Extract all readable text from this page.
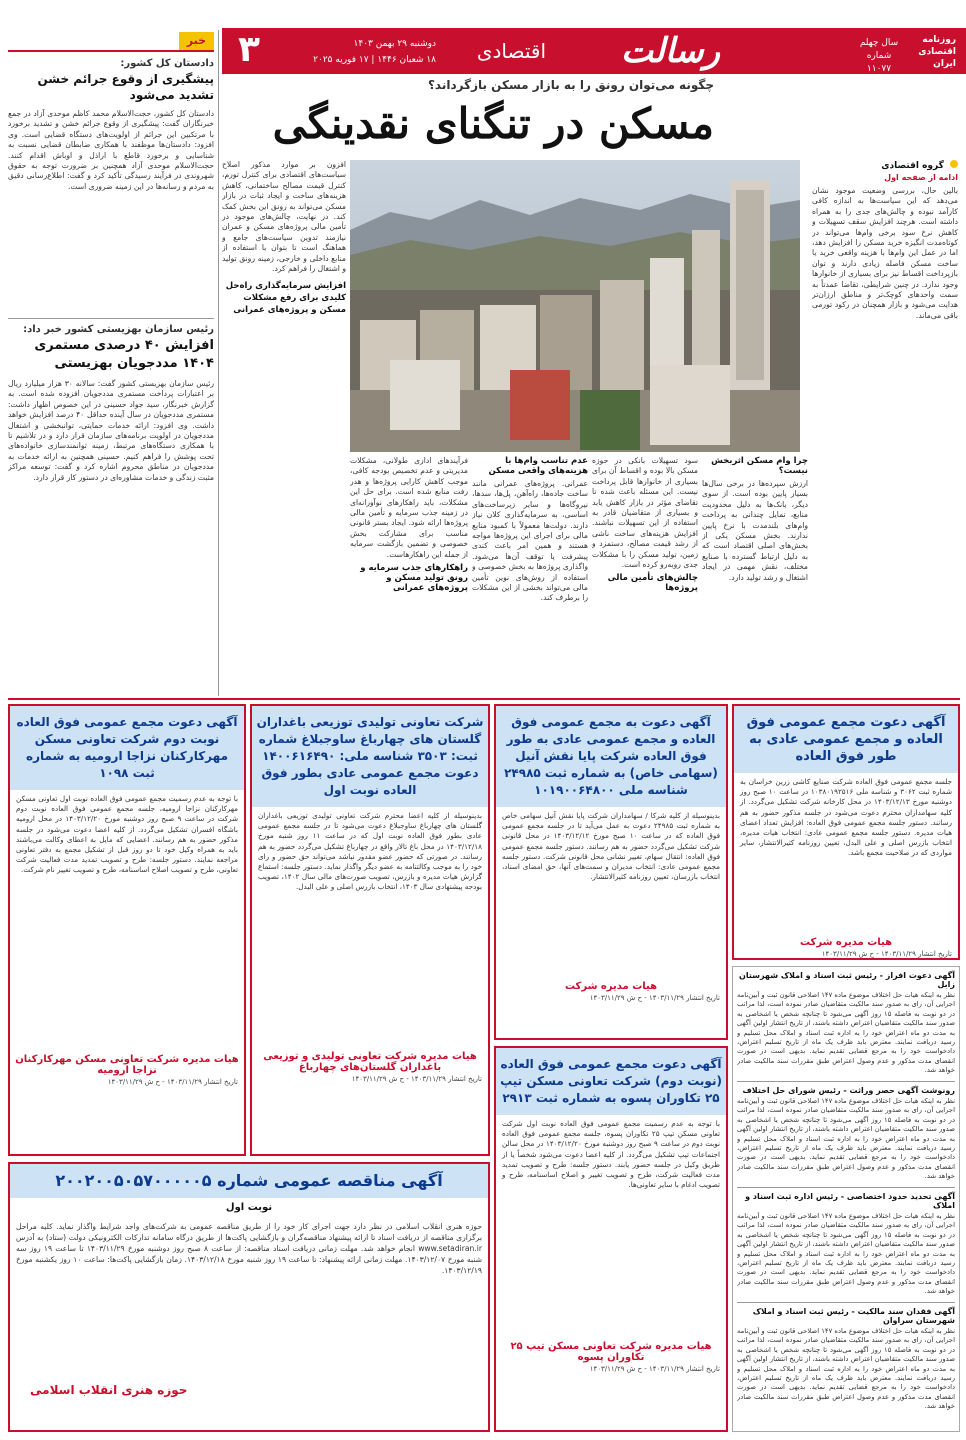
روزنامه اقتصادی ایران
سال چهلم
شماره ۱۱۰۷۷
رسالت
اقتصادی
دوشنبه ۲۹ بهمن ۱۴۰۳
۱۸ شعبان ۱۴۴۶ | ۱۷ فوریه ۲۰۲۵
۳
خبر
دادستان کل کشور:
پیشگیری از وقوع جرائم خشن تشدید می‌شود
دادستان کل کشور، حجت‌الاسلام محمد کاظم موحدی آزاد در جمع خبرنگاران گفت: پیشگیری از وقوع جرائم خشن و تشدید برخورد با مرتکبین این جرائم از اولویت‌های دستگاه قضایی است. وی افزود: دادستان‌ها موظفند با همکاری ضابطان قضایی نسبت به شناسایی و برخورد قاطع با اراذل و اوباش اقدام کنند. حجت‌الاسلام موحدی آزاد همچنین بر ضرورت توجه به حقوق شهروندی در فرآیند رسیدگی تأکید کرد و گفت: اطلاع‌رسانی دقیق به مردم و رسانه‌ها در این زمینه ضروری است.
رئیس سازمان بهزیستی کشور خبر داد:
افزایش ۴۰ درصدی مستمری ۱۴۰۴ مددجویان بهزیستی
رئیس سازمان بهزیستی کشور گفت: سالانه ۳۰ هزار میلیارد ریال بر اعتبارات پرداخت مستمری مددجویان افزوده شده است. به گزارش خبرنگار، سید جواد حسینی در این خصوص اظهار داشت: مستمری مددجویان در سال آینده حداقل ۴۰ درصد افزایش خواهد داشت. وی افزود: ارائه خدمات حمایتی، توانبخشی و اشتغال مددجویان در اولویت برنامه‌های سازمان قرار دارد و در تلاشیم تا با همکاری دستگاه‌های مرتبط، زمینه توانمندسازی خانواده‌های تحت پوشش را فراهم کنیم. حسینی همچنین به ارائه خدمات به مددجویان در مناطق محروم اشاره کرد و گفت: توسعه مراکز مثبت زندگی و خدمات مشاوره‌ای در دستور کار قرار دارد.
چگونه می‌توان رونق را به بازار مسکن بازگرداند؟
مسکن در تنگنای نقدینگی
گروه اقتصادی
ادامه از صفحه اول
بالین حال، بررسی وضعیت موجود نشان می‌دهد که این سیاست‌ها به اندازه کافی کارآمد نبوده و چالش‌های جدی را به همراه داشته است. هرچند افزایش سقف تسهیلات و کاهش نرخ سود برخی وام‌ها می‌تواند در کوتاه‌مدت انگیزه خرید مسکن را افزایش دهد، اما در عمل این وام‌ها با هزینه واقعی خرید یا ساخت مسکن فاصله زیادی دارند و توان بازپرداخت اقساط نیز برای بسیاری از خانوارها وجود ندارد. در چنین شرایطی، تقاضا عمدتاً به سمت واحدهای کوچک‌تر و مناطق ارزان‌تر هدایت می‌شود و بازار همچنان در رکود تورمی باقی می‌ماند.
افزون بر موارد مذکور اصلاح سیاست‌های اقتصادی برای کنترل تورم، کنترل قیمت مصالح ساختمانی، کاهش هزینه‌های ساخت و ایجاد ثبات در بازار مسکن می‌تواند به رونق این بخش کمک کند. در نهایت، چالش‌های موجود در تأمین مالی پروژه‌های مسکن و عمران نیازمند تدوین سیاست‌های جامع و هماهنگ است تا بتوان با استفاده از منابع داخلی و خارجی، زمینه رونق تولید و اشتغال را فراهم کرد.
افزایش سرمایه‌گذاری راه‌حل کلیدی برای رفع مشکلات مسکن و پروژه‌های عمرانی
چرا وام مسکن اثربخش نیست؟
ارزش سپرده‌ها در برخی سال‌ها بسیار پایین بوده است. از سوی دیگر، بانک‌ها به دلیل محدودیت منابع، تمایل چندانی به پرداخت وام‌های بلندمدت با نرخ پایین ندارند. بخش مسکن یکی از بخش‌های اصلی اقتصاد است که به دلیل ارتباط گسترده با صنایع مختلف، نقش مهمی در ایجاد اشتغال و رشد تولید دارد.
سود تسهیلات بانکی در حوزه مسکن بالا بوده و اقساط آن برای بسیاری از خانوارها قابل پرداخت نیست. این مسئله باعث شده تا تقاضای مؤثر در بازار کاهش یابد و بسیاری از متقاضیان قادر به استفاده از این تسهیلات نباشند. افزایش هزینه‌های ساخت ناشی از رشد قیمت مصالح، دستمزد و زمین، تولید مسکن را با مشکلات جدی روبه‌رو کرده است.
چالش‌های تأمین مالی پروژه‌ها
عدم تناسب وام‌ها با هزینه‌های واقعی مسکن
عمرانی. پروژه‌های عمرانی مانند ساخت جاده‌ها، راه‌آهن، پل‌ها، سدها، نیروگاه‌ها و سایر زیرساخت‌های اساسی، به سرمایه‌گذاری کلان نیاز دارند. دولت‌ها معمولاً با کمبود منابع مالی برای اجرای این پروژه‌ها مواجه هستند و همین امر باعث کندی پیشرفت یا توقف آن‌ها می‌شود. واگذاری پروژه‌ها به بخش خصوصی و استفاده از روش‌های نوین تأمین مالی می‌تواند بخشی از این مشکلات را برطرف کند.
فرآیندهای اداری طولانی، مشکلات مدیریتی و عدم تخصیص بودجه کافی، موجب کاهش کارایی پروژه‌ها و هدر رفت منابع شده است. برای حل این مشکلات، باید راهکارهای نوآورانه‌ای در زمینه جذب سرمایه و تأمین مالی پروژه‌ها ارائه شود. ایجاد بستر قانونی مناسب برای مشارکت بخش خصوصی و تضمین بازگشت سرمایه از جمله این راهکارهاست.
راهکارهای جذب سرمایه و رونق تولید مسکن و پروژه‌های عمرانی
آگهی دعوت مجمع عمومی فوق العاده و مجمع عمومی عادی به طور فوق العاده
جلسه مجمع عمومی فوق العاده شرکت صنایع کاشی زرین خراسان به شماره ثبت ۳۰۶۲ و شناسه ملی ۱۰۳۸۰۱۹۲۵۱۶ در ساعت ۱۰ صبح روز دوشنبه مورخ ۱۴۰۳/۱۲/۱۳ در محل کارخانه شرکت تشکیل می‌گردد. از کلیه سهامداران محترم دعوت می‌شود در جلسه مذکور حضور به هم رسانند. دستور جلسه مجمع عمومی فوق العاده: افزایش تعداد اعضای هیات مدیره. دستور جلسه مجمع عمومی عادی: انتخاب هیات مدیره، انتخاب بازرس اصلی و علی البدل، تعیین روزنامه کثیرالانتشار، سایر مواردی که در صلاحیت مجمع باشد.
هیات مدیره شرکت
تاریخ انتشار ۱۴۰۳/۱۱/۲۹ - ح ش ۱۴۰۳/۱۱/۲۹
آگهی دعوت به مجمع عمومی فوق العاده و مجمع عمومی عادی به طور فوق العاده شرکت پایا نقش آنیل (سهامی خاص) به شماره ثبت ۲۴۹۸۵ شناسه ملی ۱۰۱۹۰۰۶۴۸۰۰
بدینوسیله از کلیه شرکا / سهامداران شرکت پایا نقش آنیل سهامی خاص به شماره ثبت ۲۴۹۸۵ دعوت به عمل می‌آید تا در جلسه مجمع عمومی فوق العاده که در ساعت ۱۰ صبح مورخ ۱۴۰۳/۱۲/۱۲ در محل قانونی شرکت تشکیل می‌گردد حضور به هم رسانند. دستور جلسه مجمع عمومی فوق العاده: انتقال سهام، تغییر نشانی محل قانونی شرکت. دستور جلسه مجمع عمومی عادی: انتخاب مدیران و سمت‌های آنها، حق امضای اسناد، انتخاب بازرسان، تعیین روزنامه کثیرالانتشار.
هیات مدیره شرکت
تاریخ انتشار ۱۴۰۳/۱۱/۲۹ - ح ش ۱۴۰۳/۱۱/۲۹
شرکت تعاونی تولیدی توزیعی باغداران گلستان های چهارباغ ساوجبلاغ شماره ثبت: ۳۵۰۳ شناسه ملی: ۱۴۰۰۶۱۶۴۹۰ دعوت مجمع عمومی عادی بطور فوق العاده نوبت اول
بدینوسیله از کلیه اعضا محترم شرکت تعاونی تولیدی توزیعی باغداران گلستان های چهارباغ ساوجبلاغ دعوت می‌شود تا در جلسه مجمع عمومی عادی بطور فوق العاده نوبت اول که در ساعت ۱۱ روز شنبه مورخ ۱۴۰۳/۱۲/۱۸ در محل باغ تالار واقع در چهارباغ تشکیل می‌گردد حضور به هم رسانند. در صورتی که حضور عضو مقدور نباشد می‌تواند حق حضور و رای خود را به موجب وکالتنامه به عضو دیگر واگذار نماید. دستور جلسه: استماع گزارش هیات مدیره و بازرس، تصویب صورت‌های مالی سال ۱۴۰۲، تصویب بودجه پیشنهادی سال ۱۴۰۳، انتخاب بازرس اصلی و علی البدل.
هیات مدیره شرکت تعاونی تولیدی و توزیعی باغداران گلستان‌های چهارباغ
تاریخ انتشار ۱۴۰۳/۱۱/۲۹ - ح ش ۱۴۰۳/۱۱/۲۹
آگهی دعوت مجمع عمومی فوق العاده نوبت دوم شرکت تعاونی مسکن مهرکارکنان نزاجا ارومیه به شماره ثبت ۱۰۹۸
با توجه به عدم رسمیت مجمع عمومی فوق العاده نوبت اول تعاونی مسکن مهرکارکنان نزاجا ارومیه، جلسه مجمع عمومی فوق العاده نوبت دوم شرکت در ساعت ۹ صبح روز دوشنبه مورخ ۱۴۰۳/۱۲/۲۰ در محل ارومیه باشگاه افسران تشکیل می‌گردد. از کلیه اعضا دعوت می‌شود در جلسه مذکور حضور به هم رسانند. اعضایی که مایل به اعطای وکالت می‌باشند باید به همراه وکیل خود تا دو روز قبل از تشکیل مجمع به دفتر تعاونی مراجعه نمایند. دستور جلسه: طرح و تصویب تمدید مدت فعالیت شرکت تعاونی، طرح و تصویب اصلاح اساسنامه، طرح و تصویب تغییر نام شرکت.
هیات مدیره شرکت تعاونی مسکن مهرکارکنان نزاجا ارومیه
تاریخ انتشار ۱۴۰۳/۱۱/۲۹ - ح ش ۱۴۰۳/۱۱/۲۹
آگهی دعوت افراز - رئیس ثبت اسناد و املاک شهرستان زابل
نظر به اینکه هیات حل اختلاف موضوع ماده ۱۴۷ اصلاحی قانون ثبت و آیین‌نامه اجرایی آن، رای به صدور سند مالکیت متقاضیان صادر نموده است، لذا مراتب در دو نوبت به فاصله ۱۵ روز آگهی می‌شود تا چنانچه شخص یا اشخاصی به صدور سند مالکیت متقاضیان اعتراض داشته باشند، از تاریخ انتشار اولین آگهی به مدت دو ماه اعتراض خود را به اداره ثبت اسناد و املاک محل تسلیم و رسید دریافت نمایند. معترض باید ظرف یک ماه از تاریخ تسلیم اعتراض، دادخواست خود را به مرجع قضایی تقدیم نماید. بدیهی است در صورت انقضای مدت مذکور و عدم وصول اعتراض طبق مقررات سند مالکیت صادر خواهد شد.
رونوشت آگهی حصر وراثت - رئیس شورای حل اختلاف
نظر به اینکه هیات حل اختلاف موضوع ماده ۱۴۷ اصلاحی قانون ثبت و آیین‌نامه اجرایی آن، رای به صدور سند مالکیت متقاضیان صادر نموده است، لذا مراتب در دو نوبت به فاصله ۱۵ روز آگهی می‌شود تا چنانچه شخص یا اشخاصی به صدور سند مالکیت متقاضیان اعتراض داشته باشند، از تاریخ انتشار اولین آگهی به مدت دو ماه اعتراض خود را به اداره ثبت اسناد و املاک محل تسلیم و رسید دریافت نمایند. معترض باید ظرف یک ماه از تاریخ تسلیم اعتراض، دادخواست خود را به مرجع قضایی تقدیم نماید. بدیهی است در صورت انقضای مدت مذکور و عدم وصول اعتراض طبق مقررات سند مالکیت صادر خواهد شد.
آگهی تحدید حدود اختصاصی - رئیس اداره ثبت اسناد و املاک
نظر به اینکه هیات حل اختلاف موضوع ماده ۱۴۷ اصلاحی قانون ثبت و آیین‌نامه اجرایی آن، رای به صدور سند مالکیت متقاضیان صادر نموده است، لذا مراتب در دو نوبت به فاصله ۱۵ روز آگهی می‌شود تا چنانچه شخص یا اشخاصی به صدور سند مالکیت متقاضیان اعتراض داشته باشند، از تاریخ انتشار اولین آگهی به مدت دو ماه اعتراض خود را به اداره ثبت اسناد و املاک محل تسلیم و رسید دریافت نمایند. معترض باید ظرف یک ماه از تاریخ تسلیم اعتراض، دادخواست خود را به مرجع قضایی تقدیم نماید. بدیهی است در صورت انقضای مدت مذکور و عدم وصول اعتراض طبق مقررات سند مالکیت صادر خواهد شد.
آگهی فقدان سند مالکیت - رئیس ثبت اسناد و املاک شهرستان سراوان
نظر به اینکه هیات حل اختلاف موضوع ماده ۱۴۷ اصلاحی قانون ثبت و آیین‌نامه اجرایی آن، رای به صدور سند مالکیت متقاضیان صادر نموده است، لذا مراتب در دو نوبت به فاصله ۱۵ روز آگهی می‌شود تا چنانچه شخص یا اشخاصی به صدور سند مالکیت متقاضیان اعتراض داشته باشند، از تاریخ انتشار اولین آگهی به مدت دو ماه اعتراض خود را به اداره ثبت اسناد و املاک محل تسلیم و رسید دریافت نمایند. معترض باید ظرف یک ماه از تاریخ تسلیم اعتراض، دادخواست خود را به مرجع قضایی تقدیم نماید. بدیهی است در صورت انقضای مدت مذکور و عدم وصول اعتراض طبق مقررات سند مالکیت صادر خواهد شد.
آگهی دعوت مجمع عمومی فوق العاده (نوبت دوم) شرکت تعاونی مسکن تیپ ۲۵ تکاوران پسوه به شماره ثبت ۲۹۱۳
با توجه به عدم رسمیت مجمع عمومی فوق العاده نوبت اول شرکت تعاونی مسکن تیپ ۲۵ تکاوران پسوه، جلسه مجمع عمومی فوق العاده نوبت دوم در ساعت ۹ صبح روز دوشنبه مورخ ۱۴۰۳/۱۲/۲۰ در محل سالن اجتماعات تیپ تشکیل می‌گردد. از کلیه اعضا دعوت می‌شود شخصاً یا از طریق وکیل در جلسه حضور یابند. دستور جلسه: طرح و تصویب تمدید مدت فعالیت شرکت، طرح و تصویب تغییر و اصلاح اساسنامه، طرح و تصویب ادغام با سایر تعاونی‌ها.
هیات مدیره شرکت تعاونی مسکن تیپ ۲۵ تکاوران پسوه
تاریخ انتشار ۱۴۰۳/۱۱/۲۹ - ح ش ۱۴۰۳/۱۱/۲۹
آگهی مناقصه عمومی شماره ۲۰۰۲۰۰۵۰۵۷۰۰۰۰۰۵
نوبت اول
حوزه هنری انقلاب اسلامی در نظر دارد جهت اجرای کار خود را از طریق مناقصه عمومی به شرکت‌های واجد شرایط واگذار نماید. کلیه مراحل برگزاری مناقصه از دریافت اسناد تا ارائه پیشنهاد مناقصه‌گران و بازگشایی پاکت‌ها از طریق درگاه سامانه تدارکات الکترونیکی دولت (ستاد) به آدرس www.setadiran.ir انجام خواهد شد. مهلت زمانی دریافت اسناد مناقصه: از ساعت ۸ صبح روز دوشنبه مورخ ۱۴۰۳/۱۱/۲۹ تا ساعت ۱۹ روز سه شنبه مورخ ۱۴۰۳/۱۲/۰۷. مهلت زمانی ارائه پیشنهاد: تا ساعت ۱۹ روز شنبه مورخ ۱۴۰۳/۱۲/۱۸. زمان بازگشایی پاکت‌ها: ساعت ۱۰ روز یکشنبه مورخ ۱۴۰۳/۱۲/۱۹.
حوزه هنری انقلاب اسلامی
